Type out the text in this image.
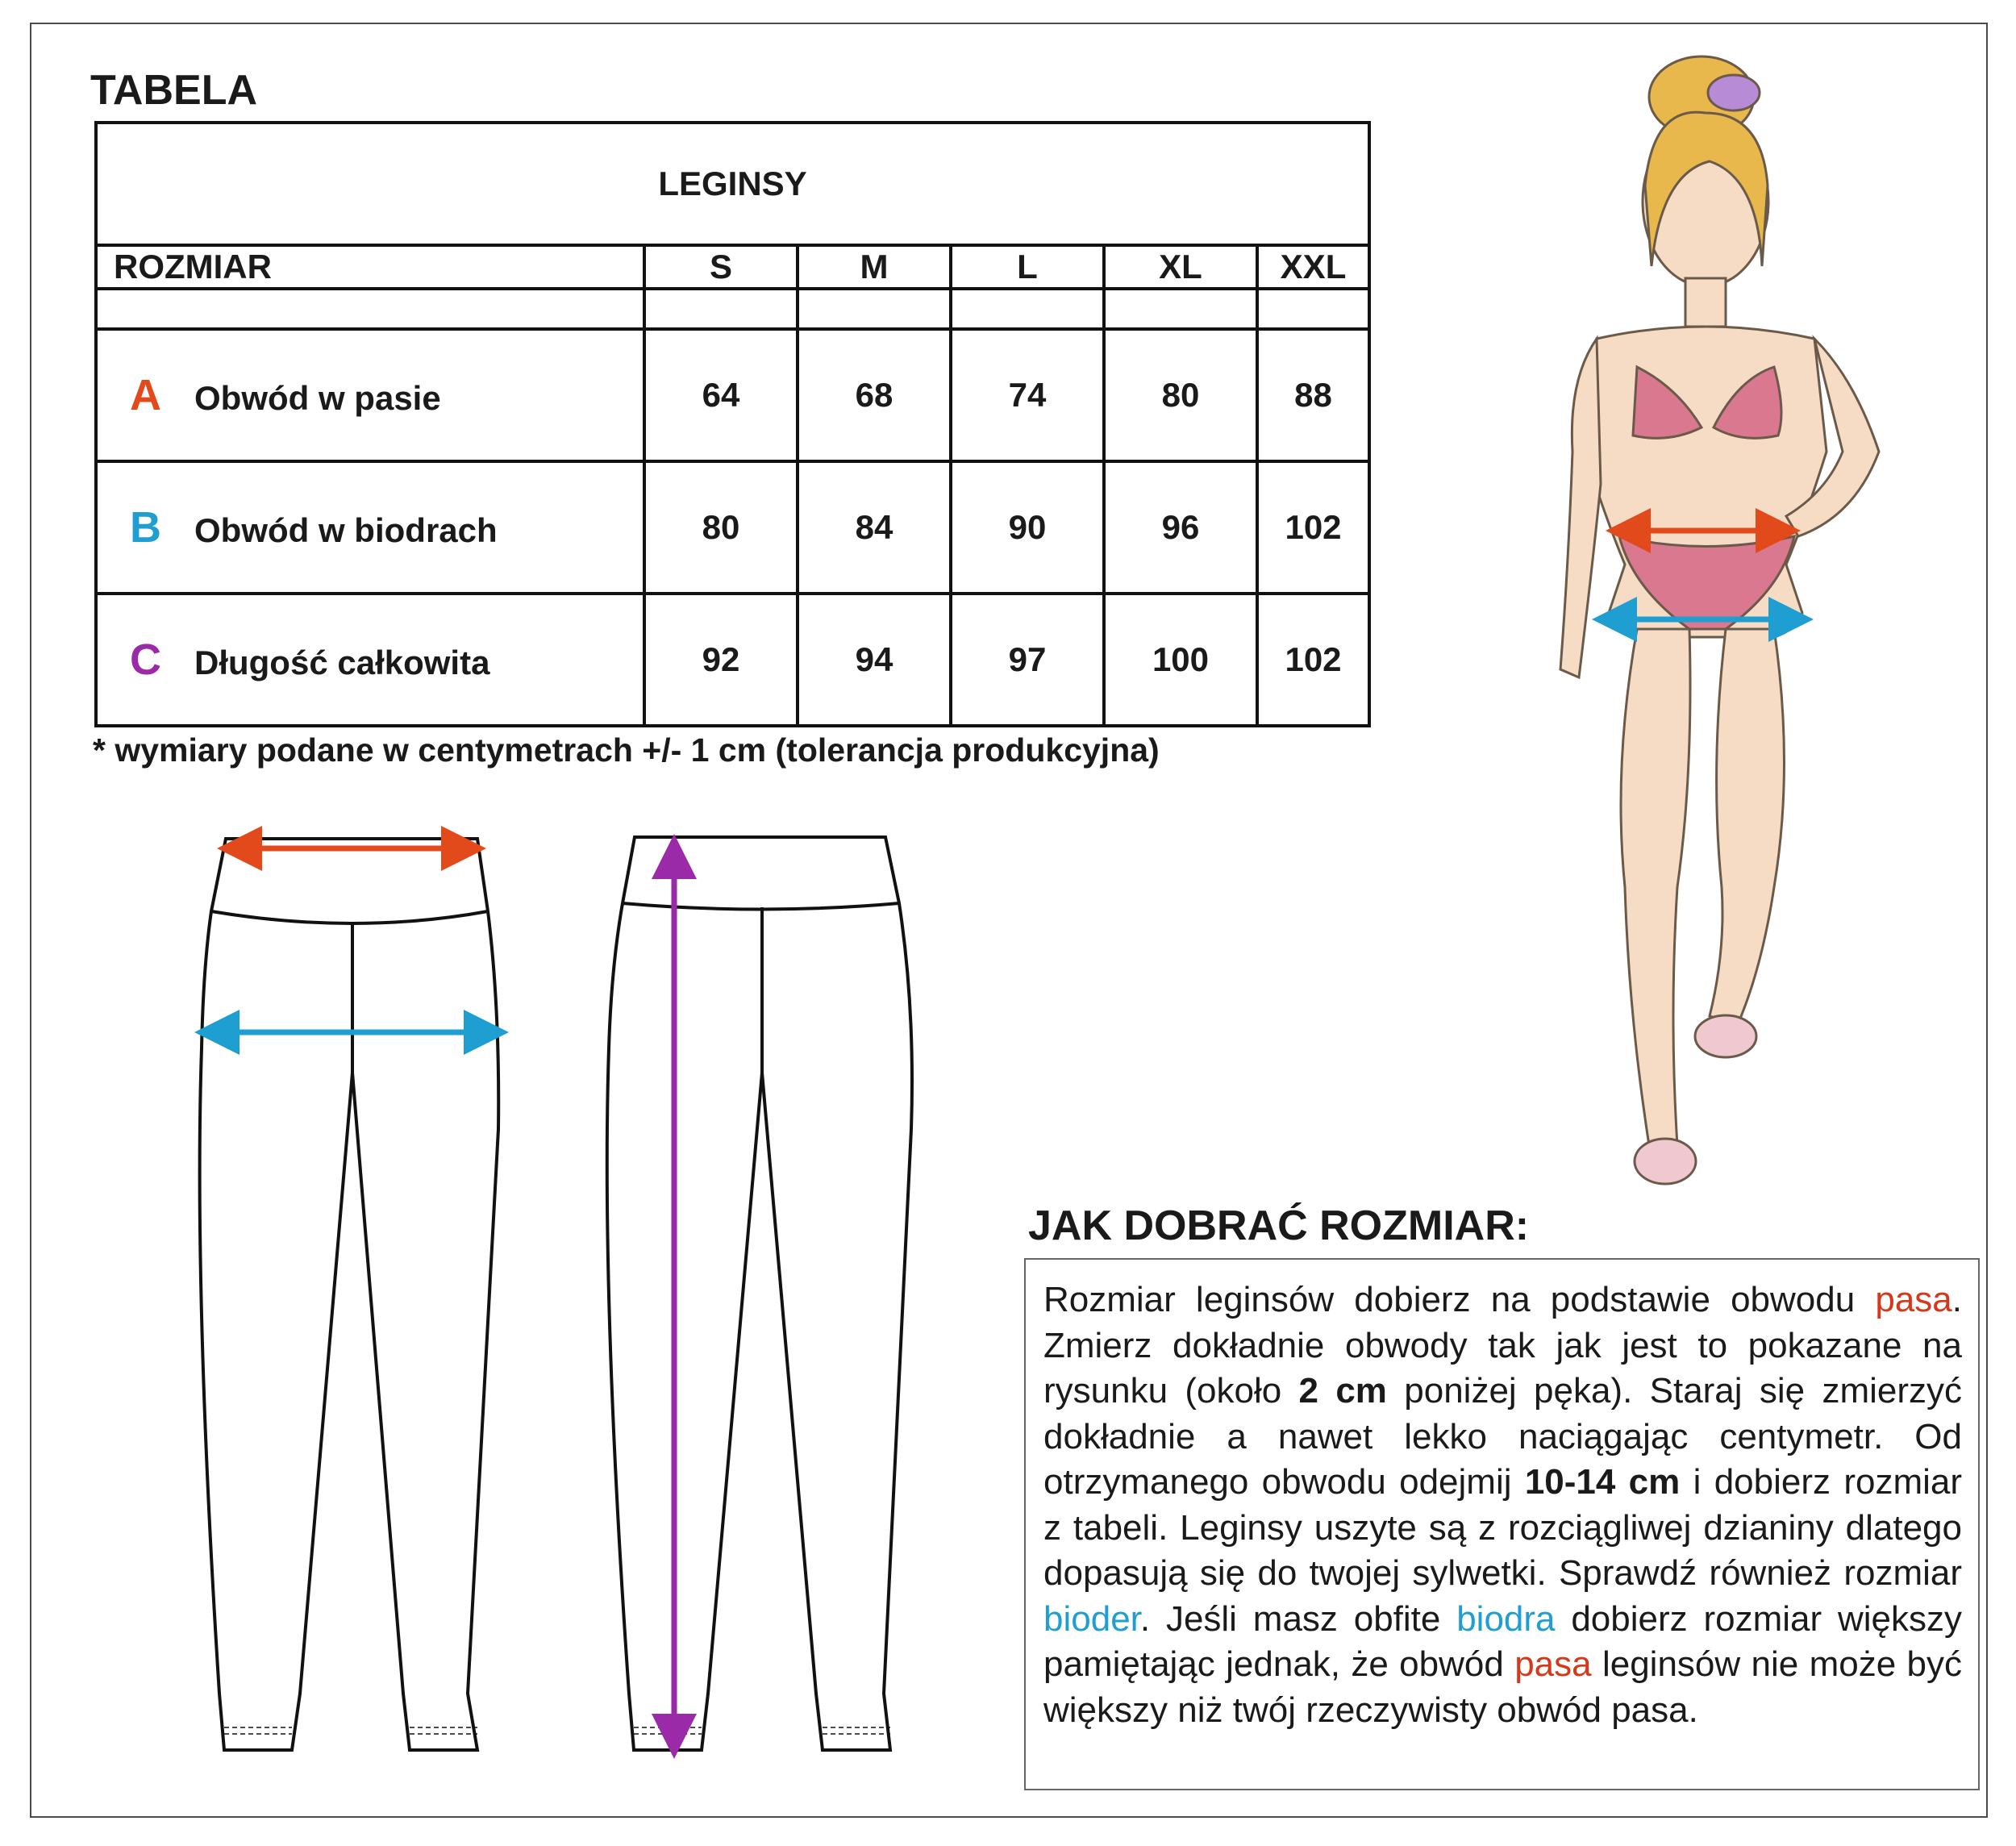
TABELA
LEGINSY					
ROZMIAR	S	M	L	XL	XXL

A Obwód w pasie	64	68	74	80	88
B Obwód w biodrach	80	84	90	96	102
C Długość całkowita	92	94	97	100	102
* wymiary podane w centymetrach +/- 1 cm (tolerancja produkcyjna)
JAK DOBRAĆ ROZMIAR:
Rozmiar leginsów dobierz na podstawie obwodu pasa. Zmierz dokładnie obwody tak jak jest to pokazane na rysunku (około 2 cm poniżej pęka). Staraj się zmierzyć dokładnie a nawet lekko naciągając centymetr. Od otrzymanego obwodu odejmij 10-14 cm i dobierz rozmiar z tabeli. Leginsy uszyte są z rozciągliwej dzianiny dlatego dopasują się do twojej sylwetki. Sprawdź również rozmiar bioder. Jeśli masz obfite biodra dobierz rozmiar większy pamiętając jednak, że obwód pasa leginsów nie może być większy niż twój rzeczywisty obwód pasa.
